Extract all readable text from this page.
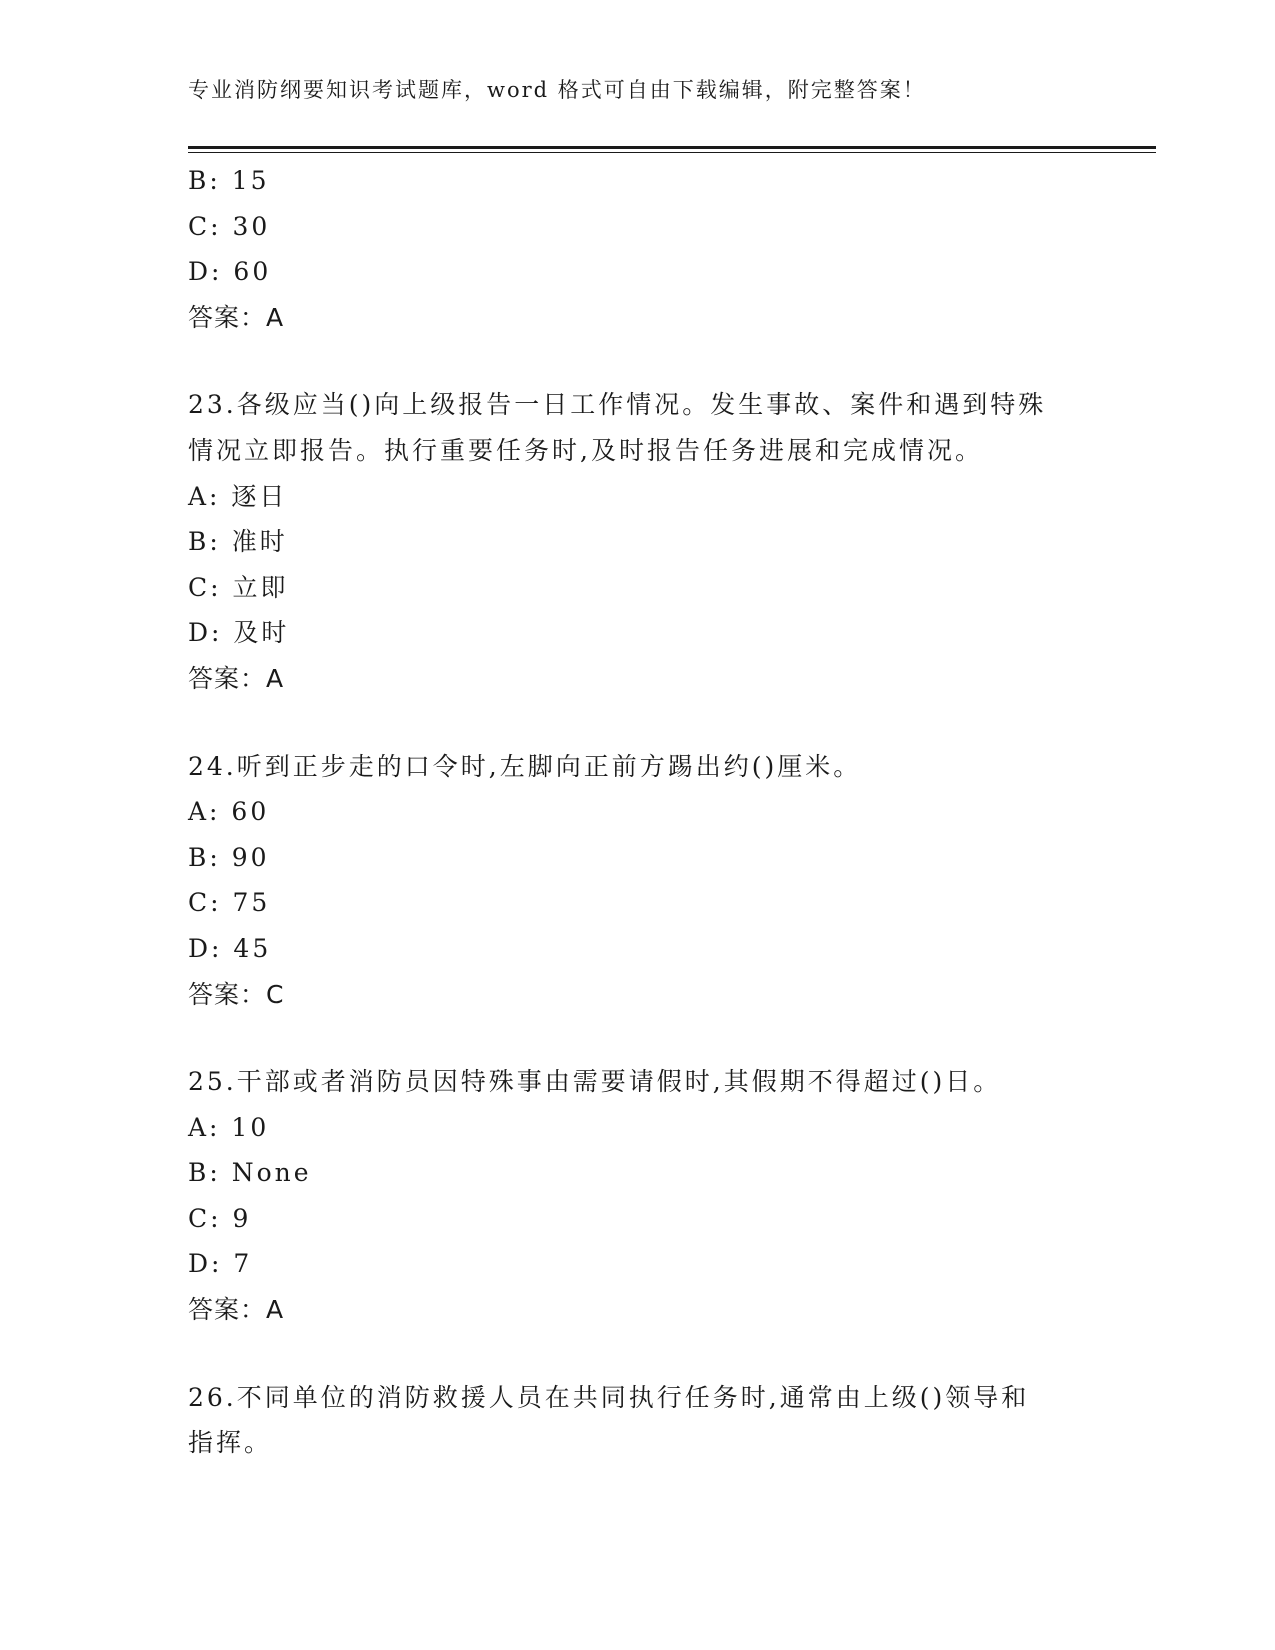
专业消防纲要知识考试题库，word 格式可自由下载编辑，附完整答案！
B: 15
C: 30
D: 60
答案：A
23.各级应当()向上级报告一日工作情况。发生事故、案件和遇到特殊
情况立即报告。执行重要任务时,及时报告任务进展和完成情况。
A: 逐日
B: 准时
C: 立即
D: 及时
答案：A
24.听到正步走的口令时,左脚向正前方踢出约()厘米。
A: 60
B: 90
C: 75
D: 45
答案：C
25.干部或者消防员因特殊事由需要请假时,其假期不得超过()日。
A: 10
B: None
C: 9
D: 7
答案：A
26.不同单位的消防救援人员在共同执行任务时,通常由上级()领导和
指挥。
